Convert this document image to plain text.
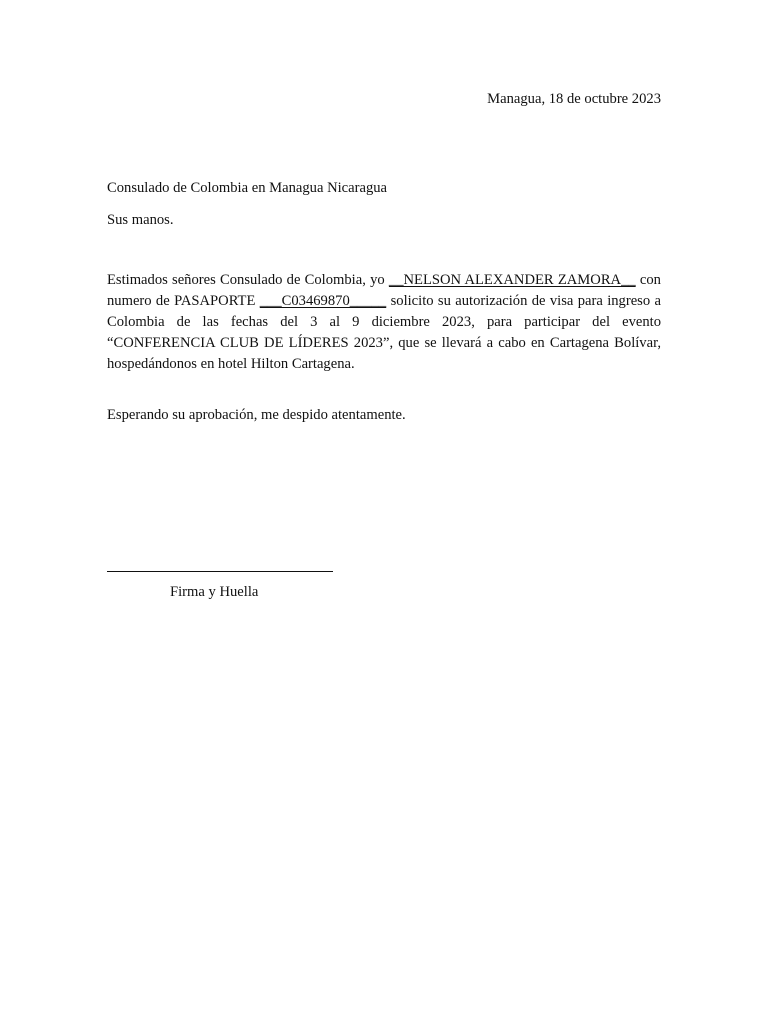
Managua, 18 de octubre 2023
Consulado de Colombia en Managua Nicaragua
Sus manos.
Estimados señores Consulado de Colombia, yo __NELSON ALEXANDER ZAMORA__ con numero de PASAPORTE ___C03469870_____ solicito su autorización de visa para ingreso a Colombia de las fechas del 3 al 9 diciembre 2023, para participar del evento “CONFERENCIA CLUB DE LÍDERES 2023”, que se llevará a cabo en Cartagena Bolívar, hospedándonos en hotel Hilton Cartagena.
Esperando su aprobación, me despido atentamente.
Firma y Huella
